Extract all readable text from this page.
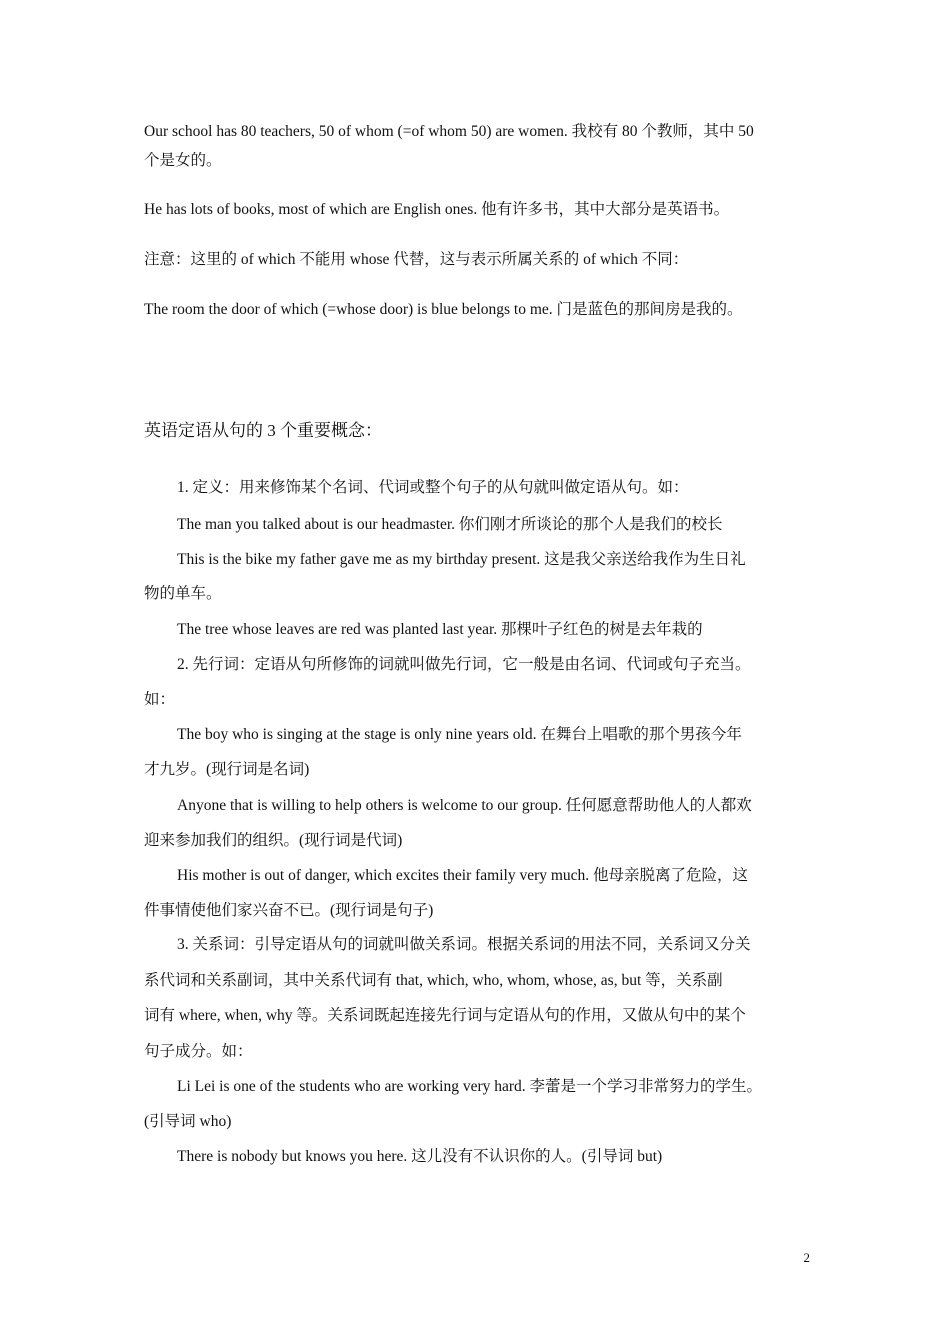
Our school has 80 teachers, 50 of whom (=of whom 50) are women. 我校有 80 个教师，其中 50
个是女的。
He has lots of books, most of which are English ones. 他有许多书，其中大部分是英语书。
注意：这里的 of which 不能用 whose 代替，这与表示所属关系的 of which 不同：
The room the door of which (=whose door) is blue belongs to me. 门是蓝色的那间房是我的。
英语定语从句的 3 个重要概念：
1. 定义：用来修饰某个名词、代词或整个句子的从句就叫做定语从句。如：
The man you talked about is our headmaster. 你们刚才所谈论的那个人是我们的校长
This is the bike my father gave me as my birthday present. 这是我父亲送给我作为生日礼
物的单车。
The tree whose leaves are red was planted last year. 那棵叶子红色的树是去年栽的
2. 先行词：定语从句所修饰的词就叫做先行词，它一般是由名词、代词或句子充当。
如：
The boy who is singing at the stage is only nine years old. 在舞台上唱歌的那个男孩今年
才九岁。(现行词是名词)
Anyone that is willing to help others is welcome to our group. 任何愿意帮助他人的人都欢
迎来参加我们的组织。(现行词是代词)
His mother is out of danger, which excites their family very much. 他母亲脱离了危险，这
件事情使他们家兴奋不已。(现行词是句子)
3. 关系词：引导定语从句的词就叫做关系词。根据关系词的用法不同，关系词又分关
系代词和关系副词，其中关系代词有 that, which, who, whom, whose, as, but 等，关系副
词有 where, when, why 等。关系词既起连接先行词与定语从句的作用，又做从句中的某个
句子成分。如：
Li Lei is one of the students who are working very hard. 李蕾是一个学习非常努力的学生。
(引导词 who)
There is nobody but knows you here. 这儿没有不认识你的人。(引导词 but)
2
